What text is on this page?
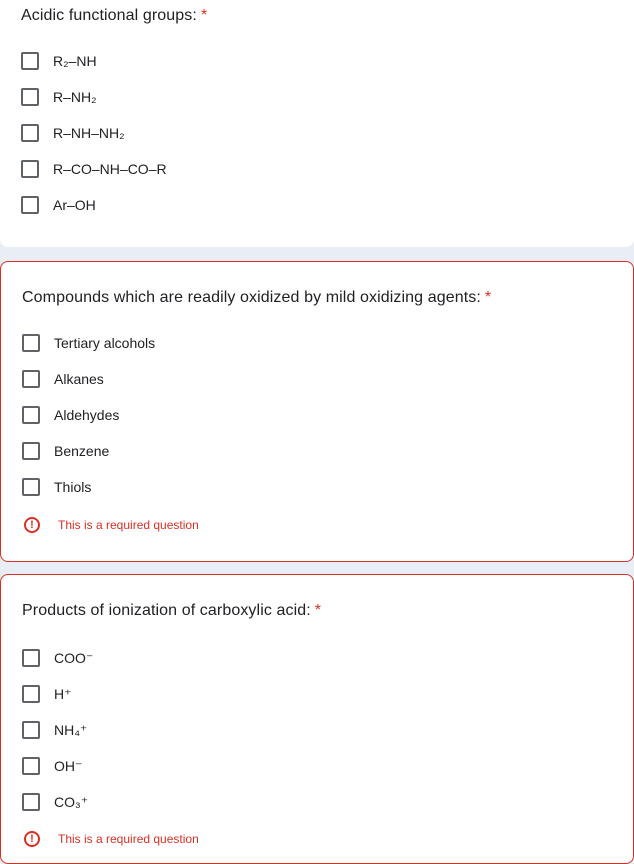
Acidic functional groups: *
R₂–NH
R–NH₂
R–NH–NH₂
R–CO–NH–CO–R
Ar–OH
Compounds which are readily oxidized by mild oxidizing agents: *
Tertiary alcohols
Alkanes
Aldehydes
Benzene
Thiols
!	This is a required question
Products of ionization of carboxylic acid: *
COO⁻
H⁺
NH₄⁺
OH⁻
CO₃⁺
!	This is a required question
